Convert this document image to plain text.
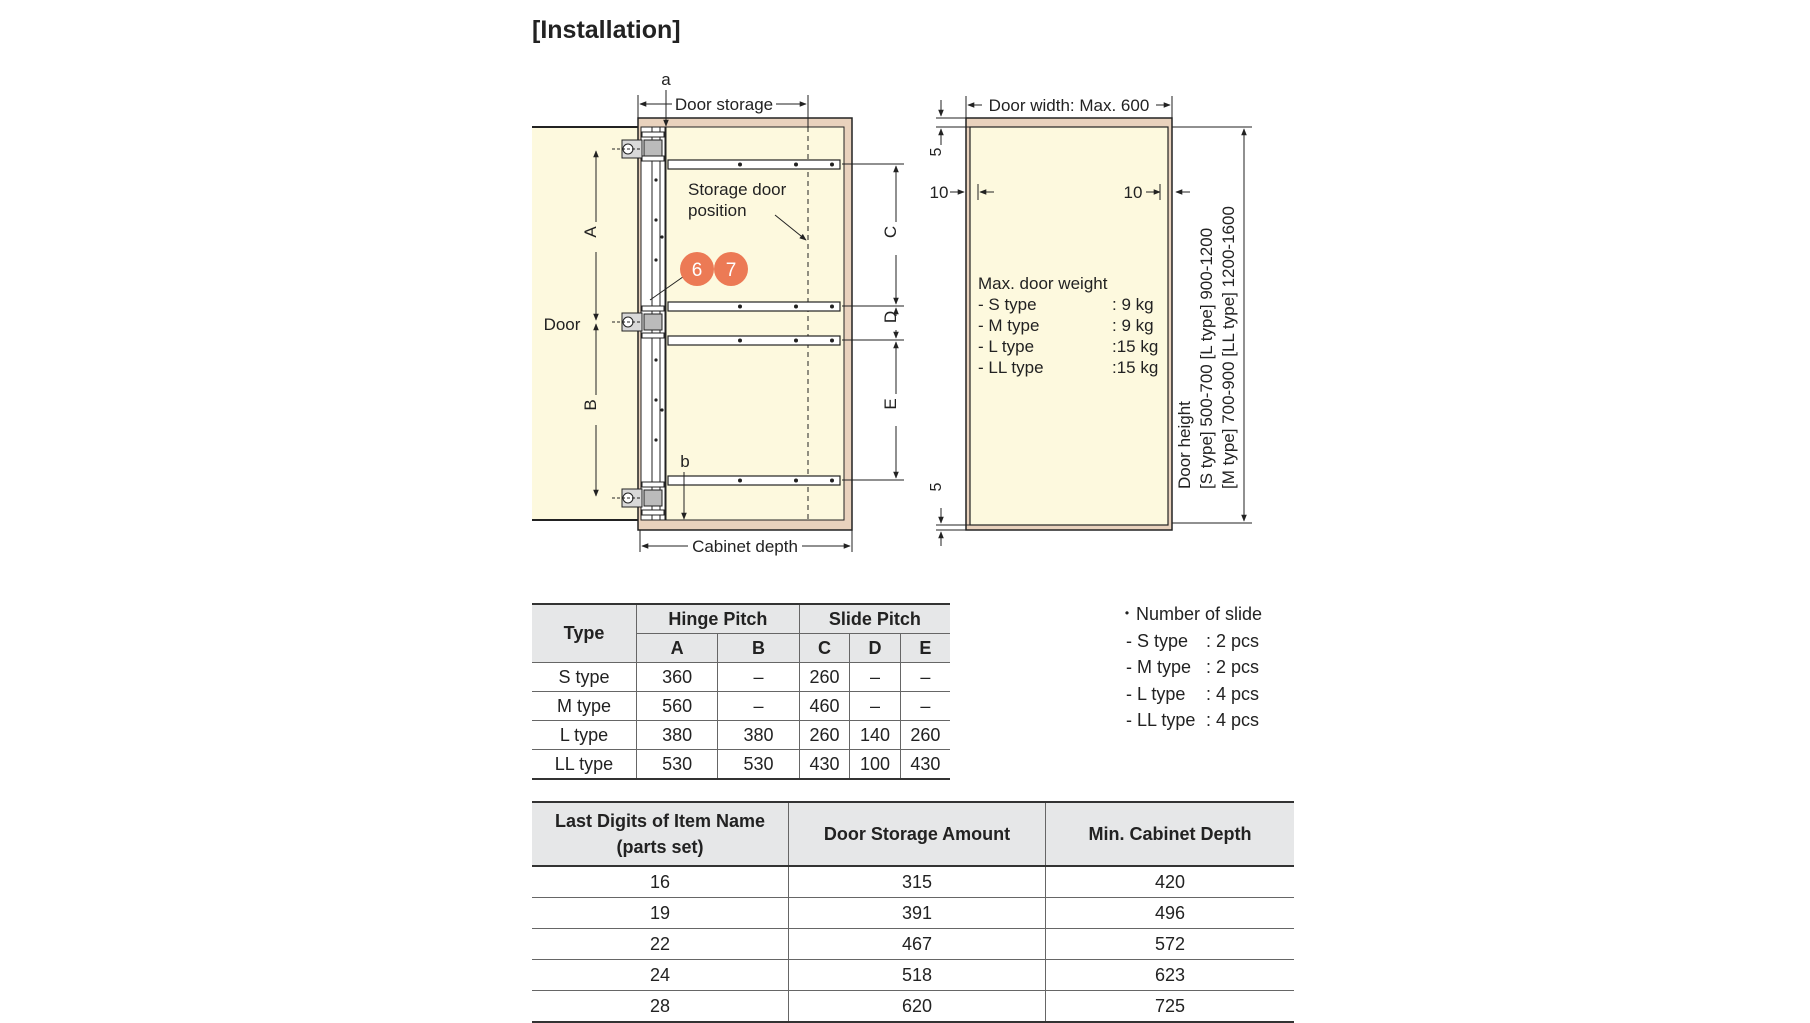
[Installation]
6 7
a
Door storage
Storage door
position
Door
A
B
b
C
D
E
Cabinet depth
Door width: Max. 600
5
10	10
Max. door weight
- S type	: 9 kg
- M type	: 9 kg
- L type	:15 kg
- LL type	:15 kg
5	Door height [S type] 500-700 [L type] 900-1200 [M type] 700-900 [LL type] 1200-1600
Type	Hinge Pitch		Slide Pitch		
	A	B	C	D	E
S type	360	–	260	–	–
M type	560	–	460	–	–
L type	380	380	260	140	260
LL type	530	530	430	100	430
・Number of slide
- S type : 2 pcs
- M type : 2 pcs
- L type : 4 pcs
- LL type : 4 pcs
Last Digits of Item Name
(parts set)	Door Storage Amount	Min. Cabinet Depth
16	315	420
19	391	496
22	467	572
24	518	623
28	620	725
